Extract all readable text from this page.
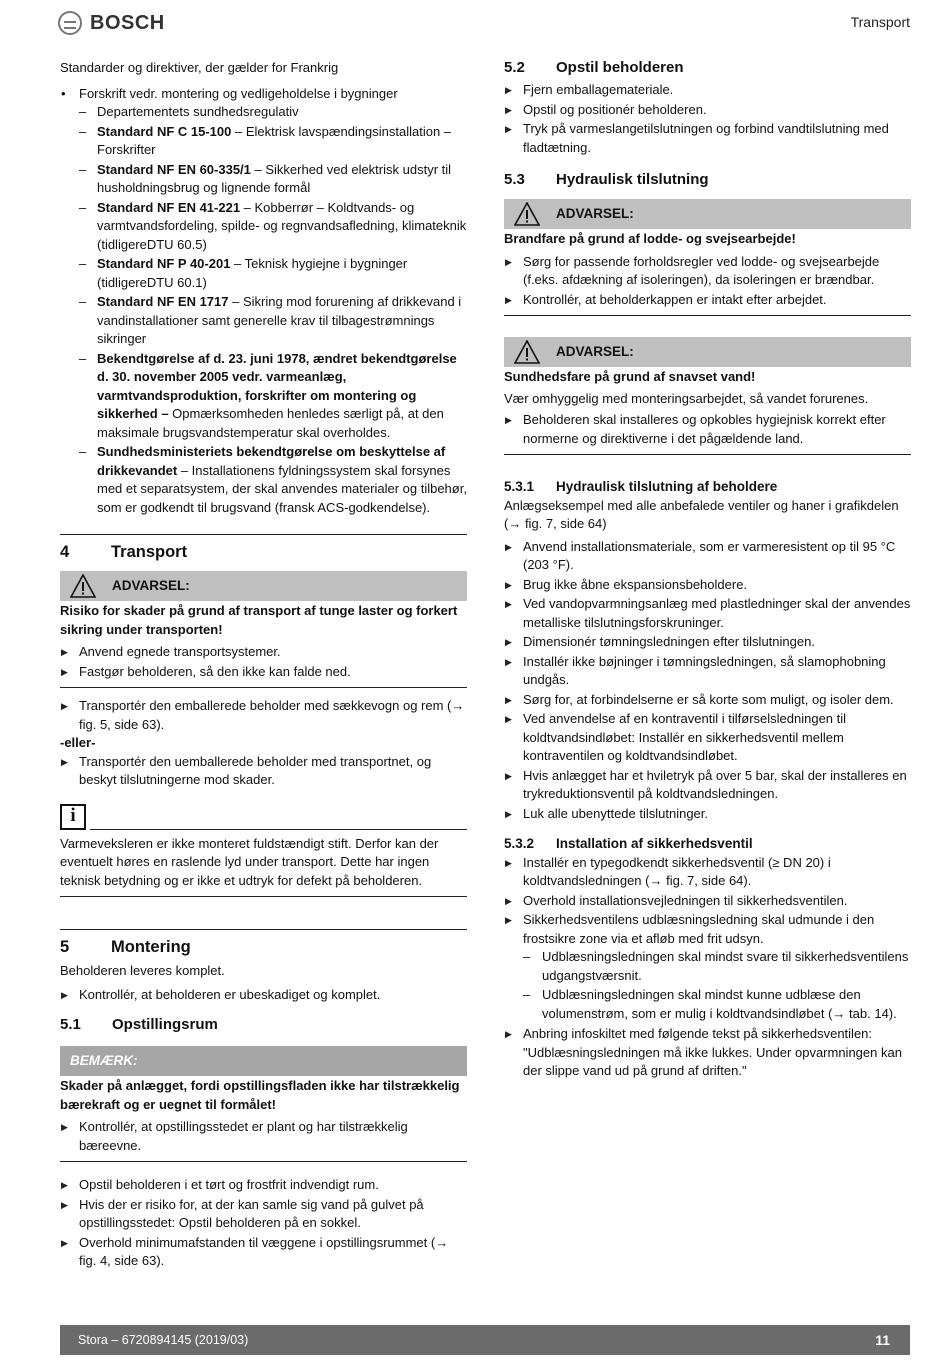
BOSCH	Transport

Standarder og direktiver, der gælder for Frankrig

• Forskrift vedr. montering og vedligeholdelse i bygninger

– Departementets sundhedsregulativ

– Standard NF C 15-100 – Elektrisk lavspændingsinstallation – Forskrifter

– Standard NF EN 60-335/1 – Sikkerhed ved elektrisk udstyr til husholdningsbrug og lignende formål

– Standard NF EN 41-221 – Kobberrør – Koldtvands- og varmtvandsfordeling, spilde- og regnvandsafledning, klimateknik (tidligereDTU 60.5)

– Standard NF P 40-201 – Teknisk hygiejne i bygninger (tidligereDTU 60.1)

– Standard NF EN 1717 – Sikring mod forurening af drikkevand i vandinstallationer samt generelle krav til tilbagestrømnings sikringer

– Bekendtgørelse af d. 23. juni 1978, ændret bekendtgørelse d. 30. november 2005 vedr. varmeanlæg, varmtvandsproduktion, forskrifter om montering og sikkerhed – Opmærksomheden henledes særligt på, at den maksimale brugsvandstemperatur skal overholdes.

– Sundhedsministeriets bekendtgørelse om beskyttelse af drikkevandet – Installationens fyldningssystem skal forsynes med et separatsystem, der skal anvendes materialer og tilbehør, som er godkendt til brugsvand (fransk ACS-godkendelse).

4	Transport
ADVARSEL:

Risiko for skader på grund af transport af tunge laster og forkert sikring under transporten!

▶ Anvend egnede transportsystemer.

▶ Fastgør beholderen, så den ikke kan falde ned.

▶ Transportér den emballerede beholder med sækkevogn og rem (→ fig. 5, side 63).

-eller-

▶ Transportér den uemballerede beholder med transportnet, og beskyt tilslutningerne mod skader.

i

Varmeveksleren er ikke monteret fuldstændigt stift. Derfor kan der eventuelt høres en raslende lyd under transport. Dette har ingen teknisk betydning og er ikke et udtryk for defekt på beholderen.

5	Montering

Beholderen leveres komplet.

▶ Kontrollér, at beholderen er ubeskadiget og komplet.

5.1	Opstillingsrum
BEMÆRK:

Skader på anlægget, fordi opstillingsfladen ikke har tilstrækkelig bærekraft og er uegnet til formålet!

▶ Kontrollér, at opstillingsstedet er plant og har tilstrækkelig bæreevne.

▶ Opstil beholderen i et tørt og frostfrit indvendigt rum.

▶ Hvis der er risiko for, at der kan samle sig vand på gulvet på opstillingsstedet: Opstil beholderen på en sokkel.

▶ Overhold minimumafstanden til væggene i opstillingsrummet (→ fig. 4, side 63).

5.2	Opstil beholderen

▶ Fjern emballagemateriale.

▶ Opstil og positionér beholderen.

▶ Tryk på varmeslangetilslutningen og forbind vandtilslutning med fladtætning.

5.3	Hydraulisk tilslutning
ADVARSEL:

Brandfare på grund af lodde- og svejsearbejde!

▶ Sørg for passende forholdsregler ved lodde- og svejsearbejde (f.eks. afdækning af isoleringen), da isoleringen er brændbar.

▶ Kontrollér, at beholderkappen er intakt efter arbejdet.

ADVARSEL:

Sundhedsfare på grund af snavset vand!

Vær omhyggelig med monteringsarbejdet, så vandet forurenes.

▶ Beholderen skal installeres og opkobles hygiejnisk korrekt efter normerne og direktiverne i det pågældende land.

5.3.1	Hydraulisk tilslutning af beholdere

Anlægseksempel med alle anbefalede ventiler og haner i grafikdelen (→ fig. 7, side 64)

▶ Anvend installationsmateriale, som er varmeresistent op til 95 °C (203 °F).

▶ Brug ikke åbne ekspansionsbeholdere.

▶ Ved vandopvarmningsanlæg med plastledninger skal der anvendes metalliske tilslutningsforskruninger.

▶ Dimensionér tømningsledningen efter tilslutningen.

▶ Installér ikke bøjninger i tømningsledningen, så slamophobning undgås.

▶ Sørg for, at forbindelserne er så korte som muligt, og isoler dem.

▶ Ved anvendelse af en kontraventil i tilførselsledningen til koldtvandsindløbet: Installér en sikkerhedsventil mellem kontraventilen og koldtvandsindløbet.

▶ Hvis anlægget har et hviletryk på over 5 bar, skal der installeres en trykreduktionsventil på koldtvandsledningen.

▶ Luk alle ubenyttede tilslutninger.

5.3.2	Installation af sikkerhedsventil

▶ Installér en typegodkendt sikkerhedsventil (≥ DN 20) i koldtvandsledningen (→ fig. 7, side 64).

▶ Overhold installationsvejledningen til sikkerhedsventilen.

▶ Sikkerhedsventilens udblæsningsledning skal udmunde i den frostsikre zone via et afløb med frit udsyn.

– Udblæsningsledningen skal mindst svare til sikkerhedsventilens udgangstværsnit.

– Udblæsningsledningen skal mindst kunne udblæse den volumenstrøm, som er mulig i koldtvandsindløbet (→ tab. 14).

▶ Anbring infoskiltet med følgende tekst på sikkerhedsventilen: "Udblæsningsledningen må ikke lukkes. Under opvarmningen kan der slippe vand ud på grund af driften."

Stora – 6720894145 (2019/03)	11
